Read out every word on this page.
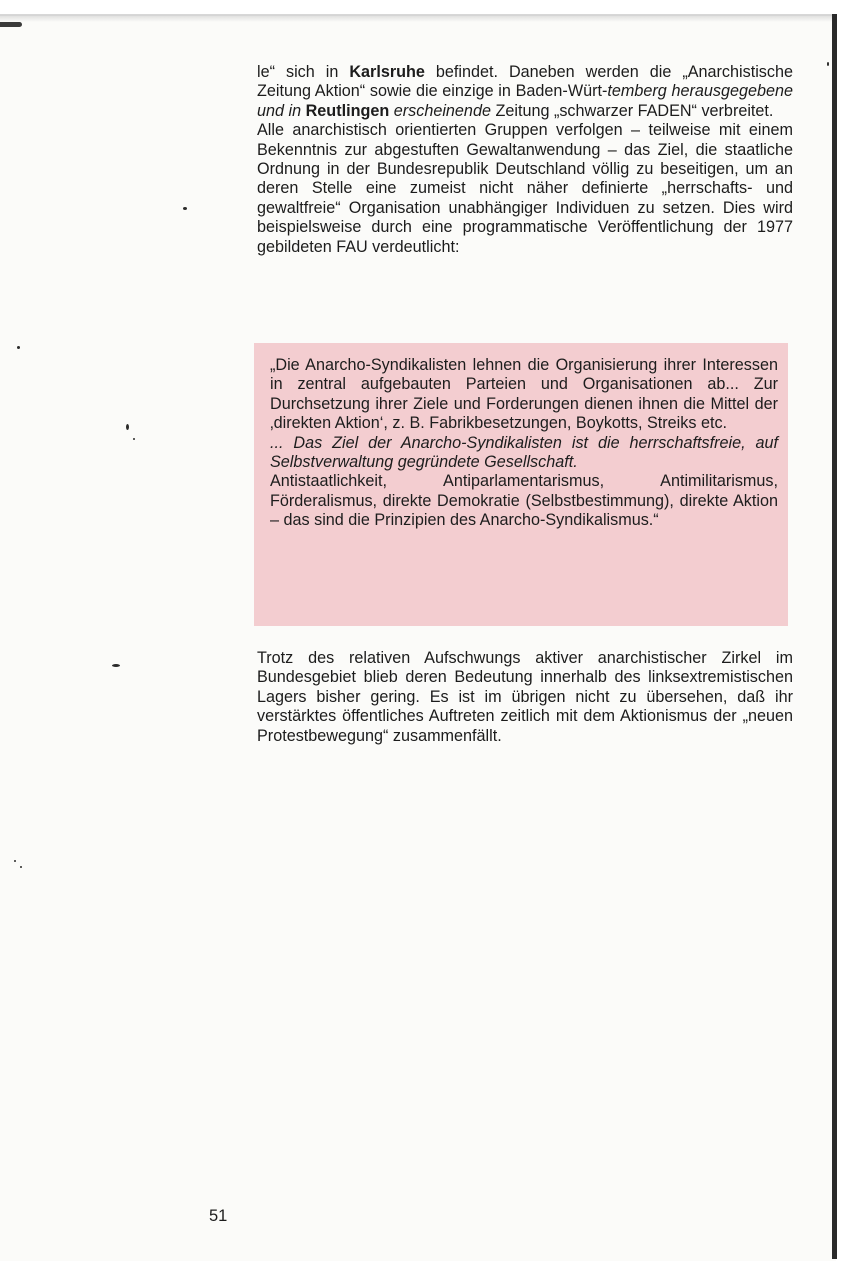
le“ sich in Karlsruhe befindet. Daneben werden die „Anarchistische Zeitung Aktion“ sowie die einzige in Baden-Würt-temberg herausgegebene und in Reutlingen erscheinende Zeitung „schwarzer FADEN“ verbreitet.

Alle anarchistisch orientierten Gruppen verfolgen – teilweise mit einem Bekenntnis zur abgestuften Gewaltanwendung – das Ziel, die staatliche Ordnung in der Bundesrepublik Deutschland völlig zu beseitigen, um an deren Stelle eine zumeist nicht näher definierte „herrschafts- und gewaltfreie“ Organisation unabhängiger Individuen zu setzen. Dies wird beispielsweise durch eine programmatische Veröffentlichung der 1977 gebildeten FAU verdeutlicht:

„Die Anarcho-Syndikalisten lehnen die Organisierung ihrer Interessen in zentral aufgebauten Parteien und Organisationen ab... Zur Durchsetzung ihrer Ziele und Forderungen dienen ihnen die Mittel der ‚direkten Aktion‘, z. B. Fabrikbesetzungen, Boykotts, Streiks etc.

... Das Ziel der Anarcho-Syndikalisten ist die herrschaftsfreie, auf Selbstverwaltung gegründete Gesellschaft.

Antistaatlichkeit, Antiparlamentarismus, Antimilitarismus, Förderalismus, direkte Demokratie (Selbstbestimmung), direkte Aktion – das sind die Prinzipien des Anarcho-Syndikalismus.“

Trotz des relativen Aufschwungs aktiver anarchistischer Zirkel im Bundesgebiet blieb deren Bedeutung innerhalb des linksextremistischen Lagers bisher gering. Es ist im übrigen nicht zu übersehen, daß ihr verstärktes öffentliches Auftreten zeitlich mit dem Aktionismus der „neuen Protestbewegung“ zusammenfällt.

51
